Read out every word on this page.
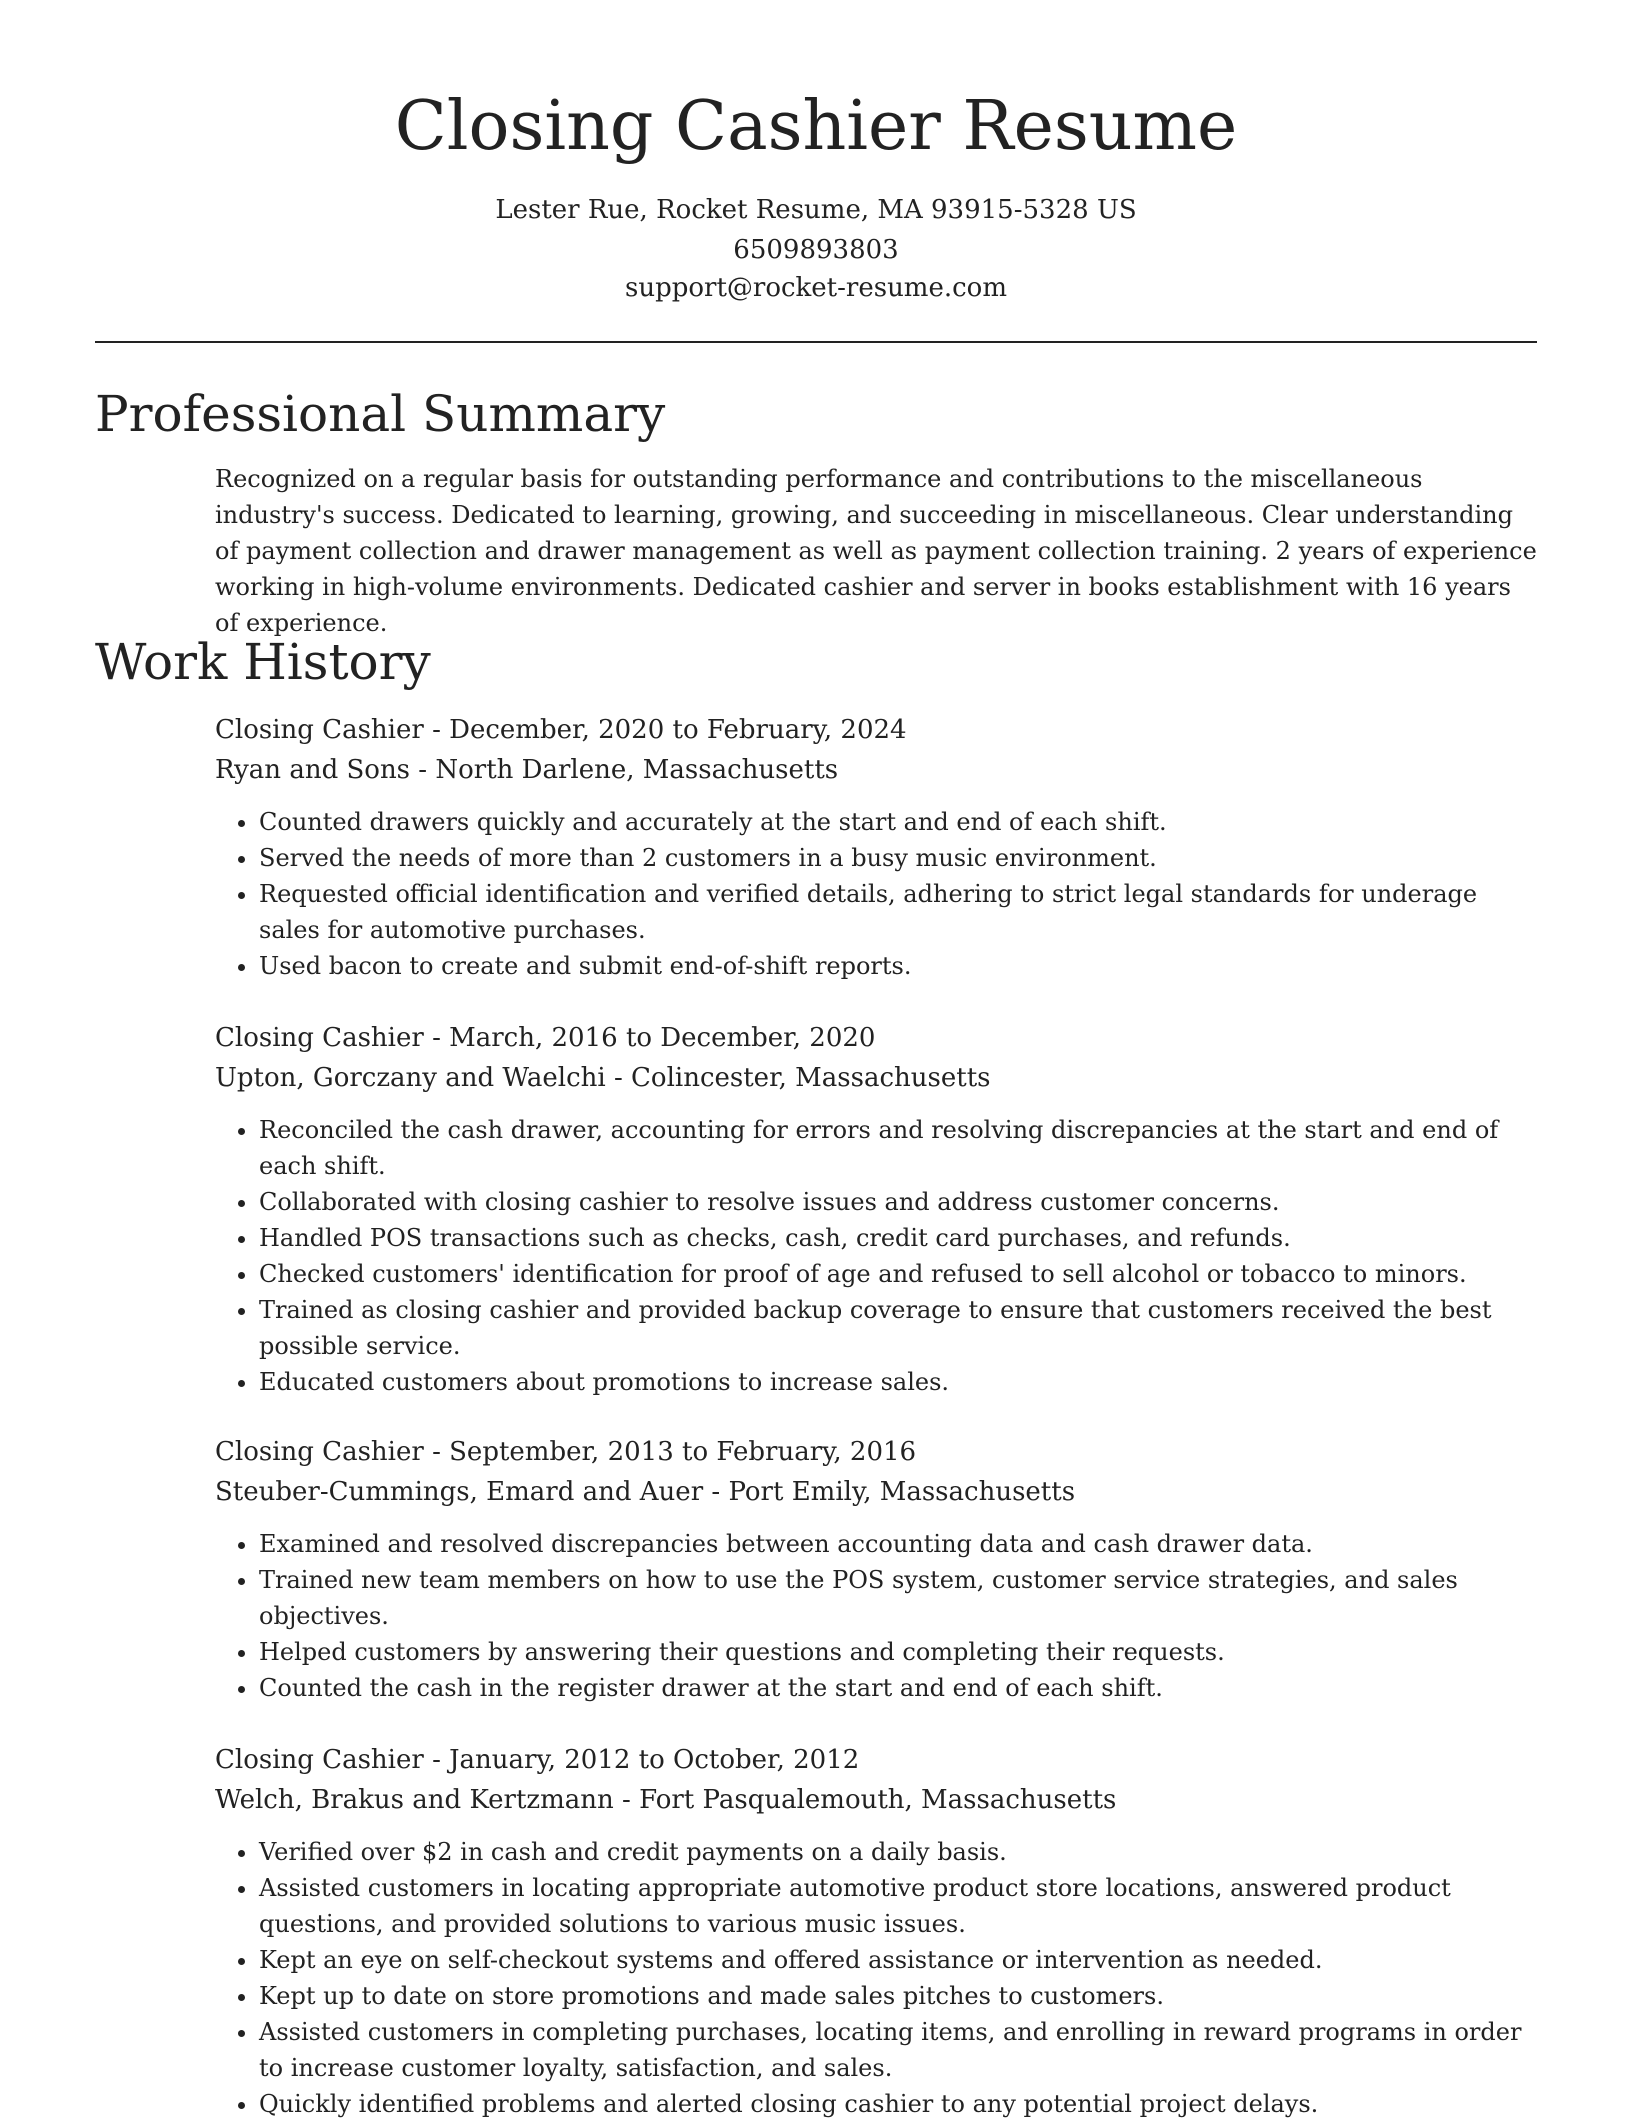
Closing Cashier Resume
Lester Rue, Rocket Resume, MA 93915-5328 US
6509893803
support@rocket-resume.com
Professional Summary
Recognized on a regular basis for outstanding performance and contributions to the miscellaneous industry's success. Dedicated to learning, growing, and succeeding in miscellaneous. Clear understanding of payment collection and drawer management as well as payment collection training. 2 years of experience working in high-volume environments. Dedicated cashier and server in books establishment with 16 years of experience.
Work History
Closing Cashier - December, 2020 to February, 2024
Ryan and Sons - North Darlene, Massachusetts
• Counted drawers quickly and accurately at the start and end of each shift.
• Served the needs of more than 2 customers in a busy music environment.
• Requested official identification and verified details, adhering to strict legal standards for underage sales for automotive purchases.
• Used bacon to create and submit end-of-shift reports.
Closing Cashier - March, 2016 to December, 2020
Upton, Gorczany and Waelchi - Colincester, Massachusetts
• Reconciled the cash drawer, accounting for errors and resolving discrepancies at the start and end of each shift.
• Collaborated with closing cashier to resolve issues and address customer concerns.
• Handled POS transactions such as checks, cash, credit card purchases, and refunds.
• Checked customers' identification for proof of age and refused to sell alcohol or tobacco to minors.
• Trained as closing cashier and provided backup coverage to ensure that customers received the best possible service.
• Educated customers about promotions to increase sales.
Closing Cashier - September, 2013 to February, 2016
Steuber-Cummings, Emard and Auer - Port Emily, Massachusetts
• Examined and resolved discrepancies between accounting data and cash drawer data.
• Trained new team members on how to use the POS system, customer service strategies, and sales objectives.
• Helped customers by answering their questions and completing their requests.
• Counted the cash in the register drawer at the start and end of each shift.
Closing Cashier - January, 2012 to October, 2012
Welch, Brakus and Kertzmann - Fort Pasqualemouth, Massachusetts
• Verified over $2 in cash and credit payments on a daily basis.
• Assisted customers in locating appropriate automotive product store locations, answered product questions, and provided solutions to various music issues.
• Kept an eye on self-checkout systems and offered assistance or intervention as needed.
• Kept up to date on store promotions and made sales pitches to customers.
• Assisted customers in completing purchases, locating items, and enrolling in reward programs in order to increase customer loyalty, satisfaction, and sales.
• Quickly identified problems and alerted closing cashier to any potential project delays.
